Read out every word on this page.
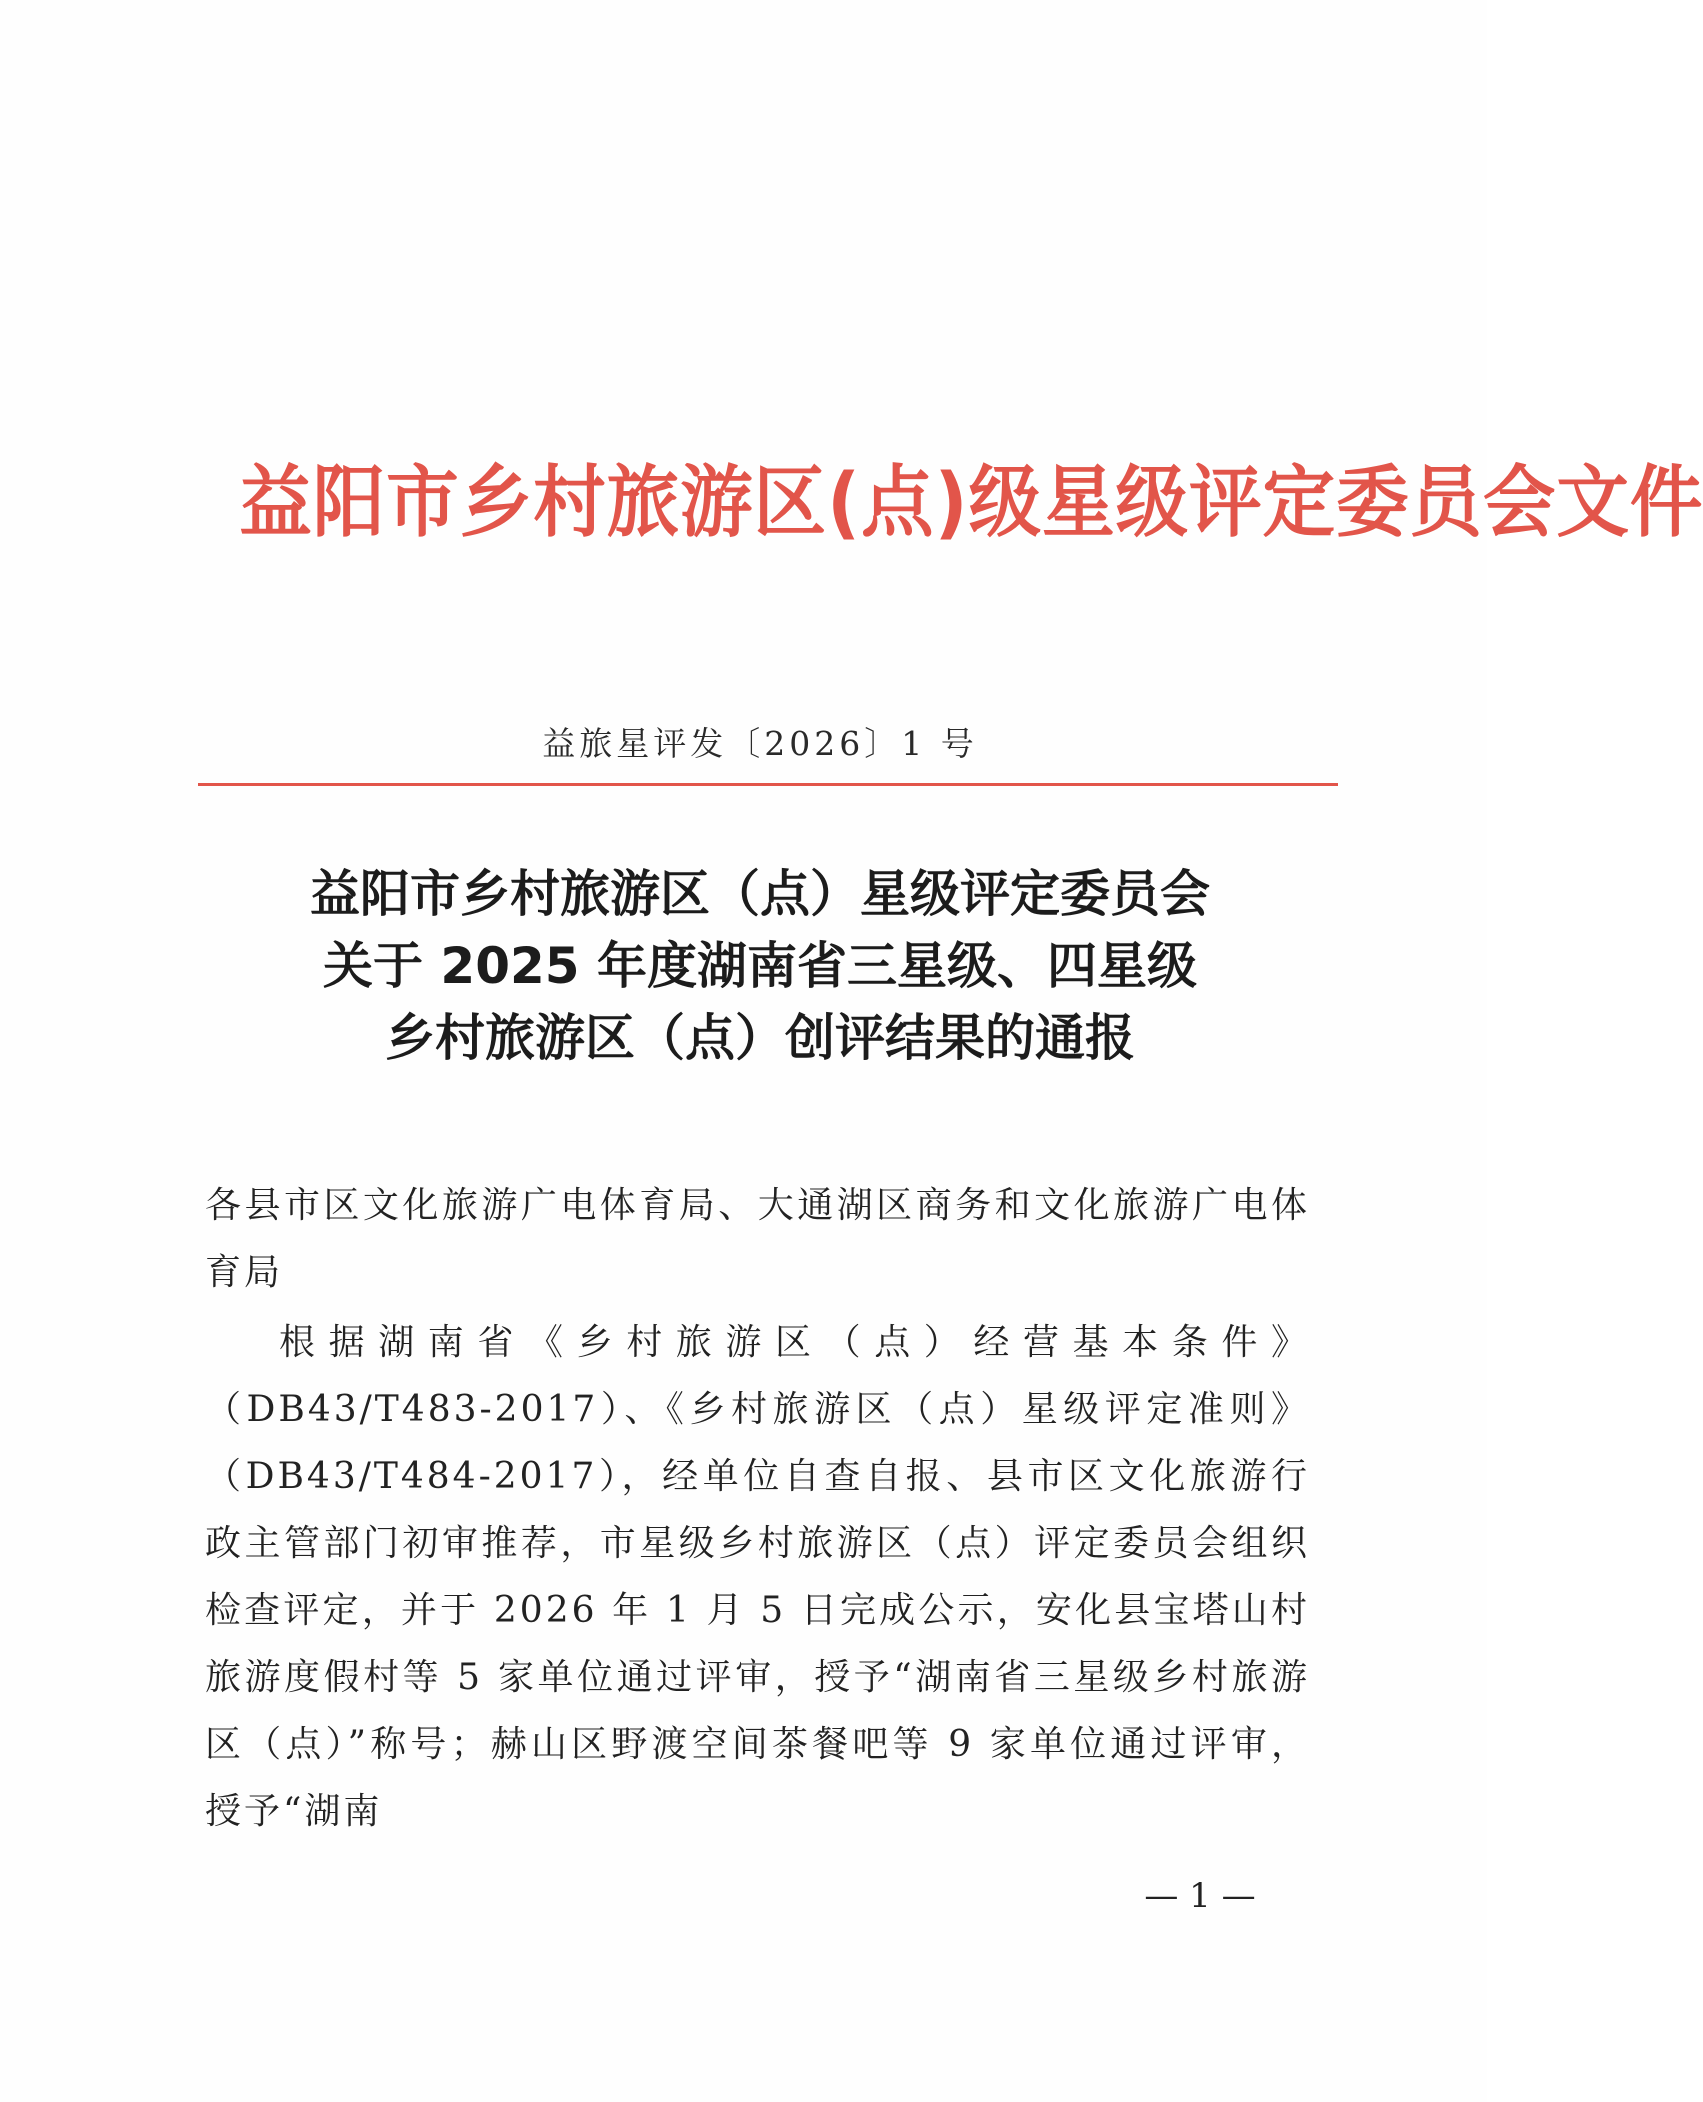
益阳市乡村旅游区(点)级星级评定委员会文件
益旅星评发〔2026〕1 号
益阳市乡村旅游区（点）星级评定委员会
关于 2025 年度湖南省三星级、四星级
乡村旅游区（点）创评结果的通报

各县市区文化旅游广电体育局、大通湖区商务和文化旅游广电体育局

根据湖南省《乡村旅游区（点）经营基本条件》（DB43/T483-2017）、《乡村旅游区（点）星级评定准则》（DB43/T484-2017），经单位自查自报、县市区文化旅游行政主管部门初审推荐，市星级乡村旅游区（点）评定委员会组织检查评定，并于 2026 年 1 月 5 日完成公示，安化县宝塔山村旅游度假村等 5 家单位通过评审，授予“湖南省三星级乡村旅游区（点）”称号；赫山区野渡空间茶餐吧等 9 家单位通过评审，授予“湖南

— 1 —
